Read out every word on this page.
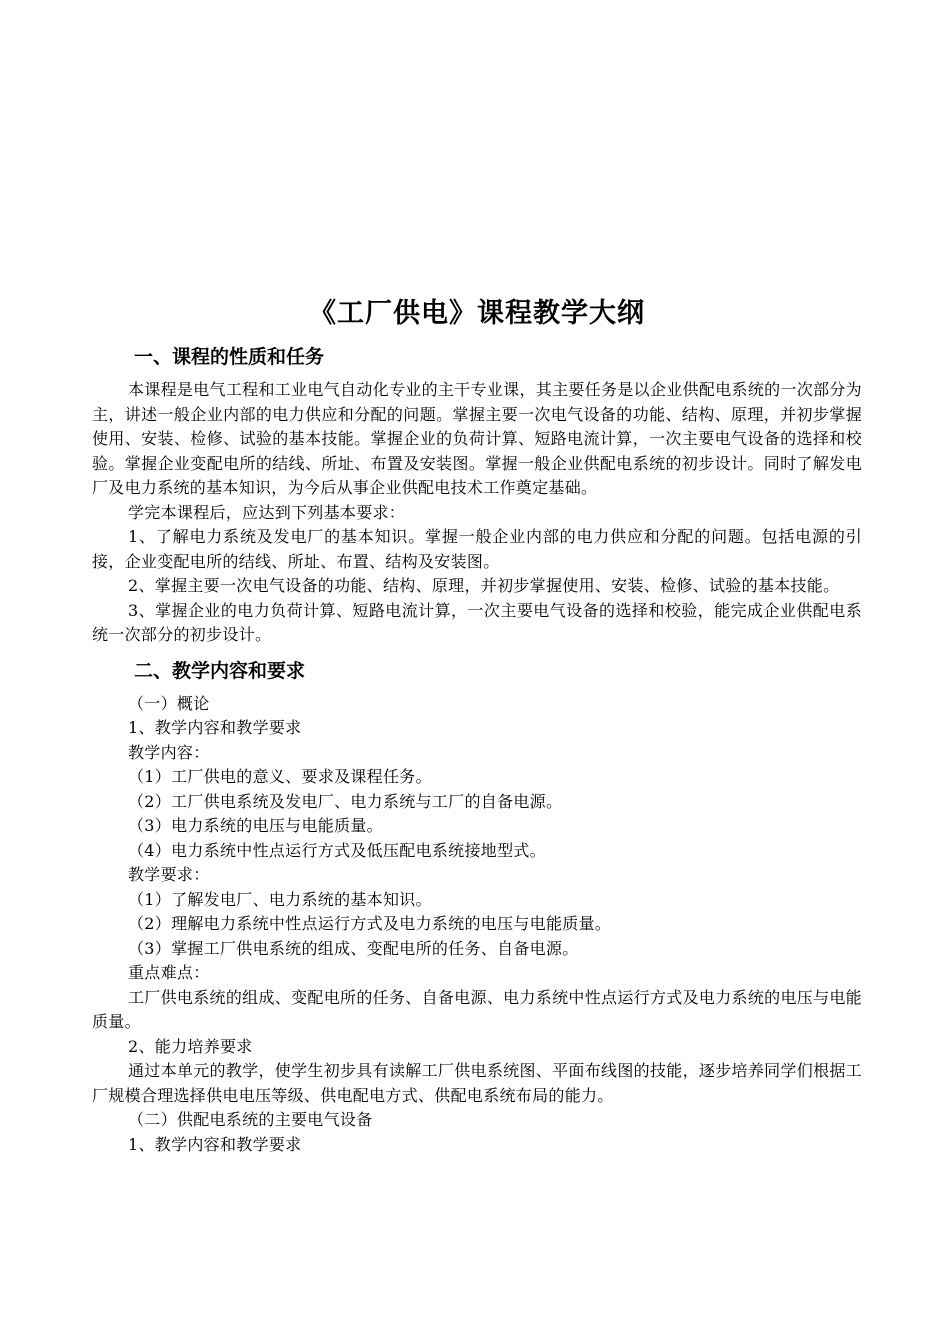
《工厂供电》课程教学大纲
一、课程的性质和任务

本课程是电气工程和工业电气自动化专业的主干专业课，其主要任务是以企业供配电系统的一次部分为主，讲述一般企业内部的电力供应和分配的问题。掌握主要一次电气设备的功能、结构、原理，并初步掌握使用、安装、检修、试验的基本技能。掌握企业的负荷计算、短路电流计算，一次主要电气设备的选择和校验。掌握企业变配电所的结线、所址、布置及安装图。掌握一般企业供配电系统的初步设计。同时了解发电厂及电力系统的基本知识，为今后从事企业供配电技术工作奠定基础。

学完本课程后，应达到下列基本要求：

1、了解电力系统及发电厂的基本知识。掌握一般企业内部的电力供应和分配的问题。包括电源的引接，企业变配电所的结线、所址、布置、结构及安装图。

2、掌握主要一次电气设备的功能、结构、原理，并初步掌握使用、安装、检修、试验的基本技能。

3、掌握企业的电力负荷计算、短路电流计算，一次主要电气设备的选择和校验，能完成企业供配电系统一次部分的初步设计。

二、教学内容和要求

（一）概论

1、教学内容和教学要求

教学内容：

（1）工厂供电的意义、要求及课程任务。

（2）工厂供电系统及发电厂、电力系统与工厂的自备电源。

（3）电力系统的电压与电能质量。

（4）电力系统中性点运行方式及低压配电系统接地型式。

教学要求：

（1）了解发电厂、电力系统的基本知识。

（2）理解电力系统中性点运行方式及电力系统的电压与电能质量。

（3）掌握工厂供电系统的组成、变配电所的任务、自备电源。

重点难点：

工厂供电系统的组成、变配电所的任务、自备电源、电力系统中性点运行方式及电力系统的电压与电能质量。

2、能力培养要求

通过本单元的教学，使学生初步具有读解工厂供电系统图、平面布线图的技能，逐步培养同学们根据工厂规模合理选择供电电压等级、供电配电方式、供配电系统布局的能力。

（二）供配电系统的主要电气设备

1、教学内容和教学要求
